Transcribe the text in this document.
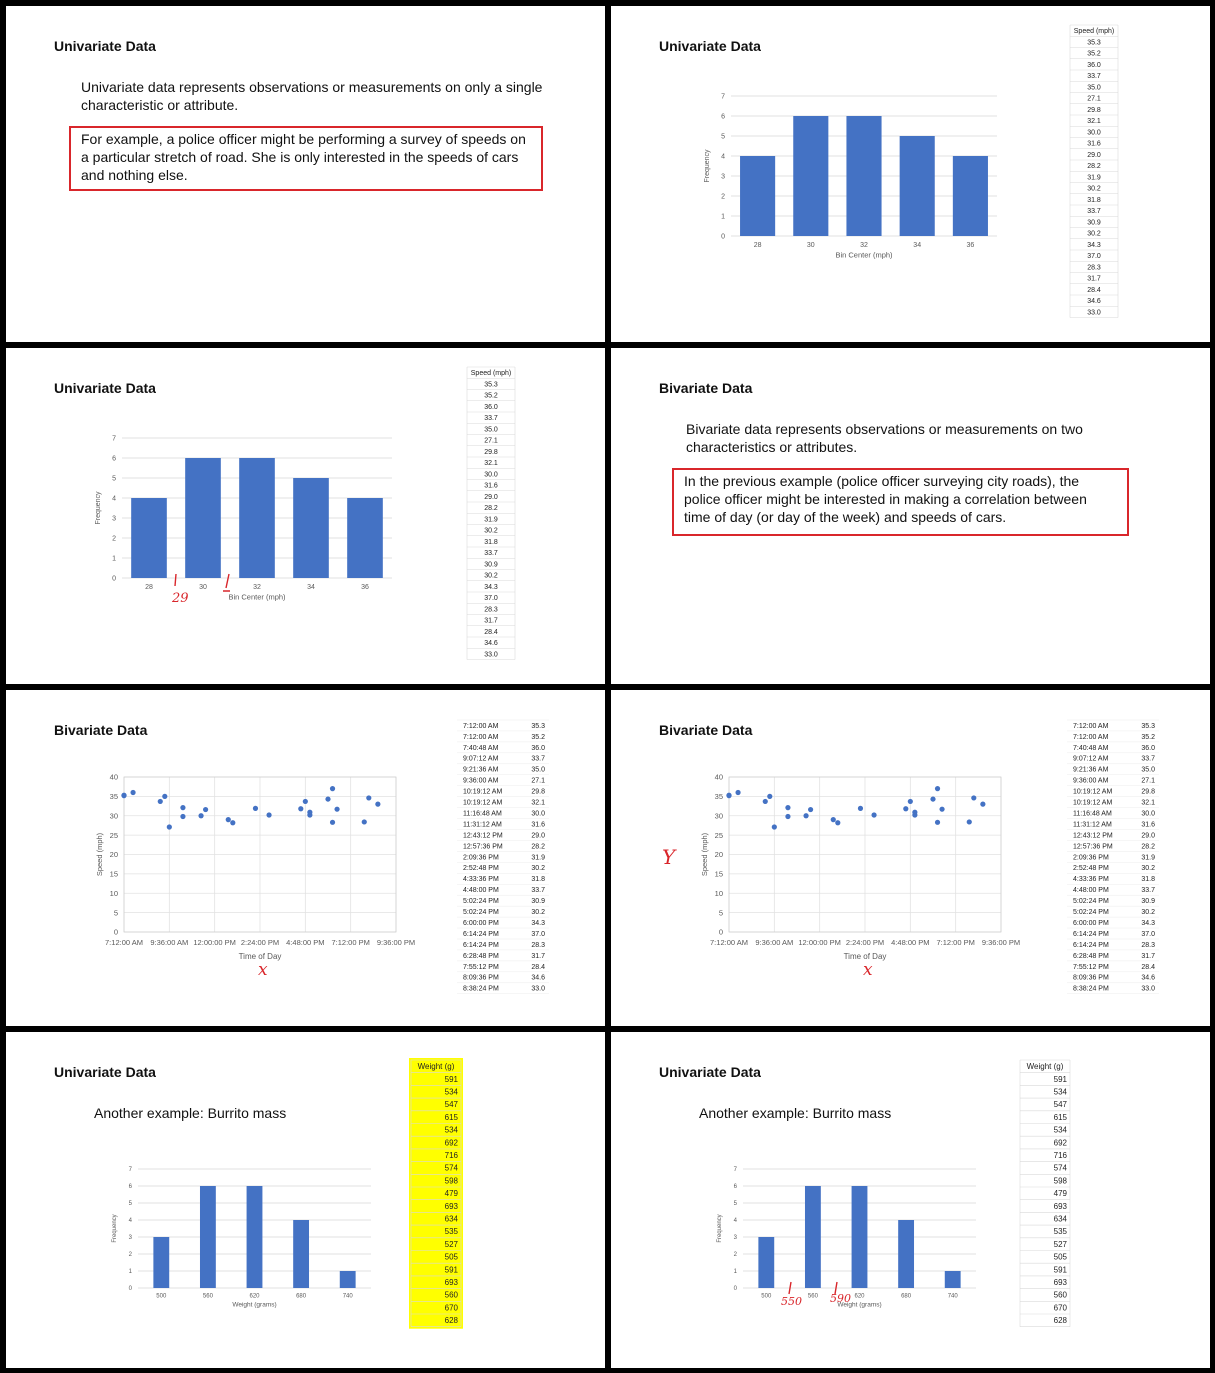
Univariate Data
Univariate data represents observations or measurements on only a single characteristic or attribute.
For example, a police officer might be performing a survey of speeds on a particular stretch of road. She is only interested in the speeds of cars and nothing else.
Univariate Data
0
1
2
3
4
5
6
7
Frequency
28	30	32	34	36
Bin Center (mph)
Speed (mph)
35.3
35.2
36.0
33.7
35.0
27.1
29.8
32.1
30.0
31.6
29.0
28.2
31.9
30.2
31.8
33.7
30.9
30.2
34.3
37.0
28.3
31.7
28.4
34.6
33.0
Univariate Data
0
1
2
3
4
5
6
7
Frequency
28	30	32	34	36
Bin Center (mph)
Speed (mph)
35.3
35.2
36.0
33.7
35.0
27.1
29.8
32.1
30.0
31.6
29.0
28.2
31.9
30.2
31.8
33.7
30.9
30.2
34.3
37.0
28.3
31.7
28.4
34.6
33.0
29
Bivariate Data
Bivariate data represents observations or measurements on two characteristics or attributes.
In the previous example (police officer surveying city roads), the police officer might be interested in making a correlation between time of day (or day of the week) and speeds of cars.
Bivariate Data
0
5
10
15
20
25
30
35
40
Speed (mph)
7:12:00 AM 9:36:00 AM 12:00:00 PM 2:24:00 PM 4:48:00 PM 7:12:00 PM 9:36:00 PM
Time of Day
7:12:00 AM	35.3
7:12:00 AM	35.2
7:40:48 AM	36.0
9:07:12 AM	33.7
9:21:36 AM	35.0
9:36:00 AM	27.1
10:19:12 AM	29.8
10:19:12 AM	32.1
11:16:48 AM	30.0
11:31:12 AM	31.6
12:43:12 PM	29.0
12:57:36 PM	28.2
2:09:36 PM	31.9
2:52:48 PM	30.2
4:33:36 PM	31.8
4:48:00 PM	33.7
5:02:24 PM	30.9
5:02:24 PM	30.2
6:00:00 PM	34.3
6:14:24 PM	37.0
6:14:24 PM	28.3
6:28:48 PM	31.7
7:55:12 PM	28.4
8:09:36 PM	34.6
8:38:24 PM	33.0
x
Bivariate Data
0
5
10
15
20
25
30
35
40
Speed (mph)
7:12:00 AM 9:36:00 AM 12:00:00 PM 2:24:00 PM 4:48:00 PM 7:12:00 PM 9:36:00 PM
Time of Day
7:12:00 AM	35.3
7:12:00 AM	35.2
7:40:48 AM	36.0
9:07:12 AM	33.7
9:21:36 AM	35.0
9:36:00 AM	27.1
10:19:12 AM	29.8
10:19:12 AM	32.1
11:16:48 AM	30.0
11:31:12 AM	31.6
12:43:12 PM	29.0
12:57:36 PM	28.2
2:09:36 PM	31.9
2:52:48 PM	30.2
4:33:36 PM	31.8
4:48:00 PM	33.7
5:02:24 PM	30.9
5:02:24 PM	30.2
6:00:00 PM	34.3
6:14:24 PM	37.0
6:14:24 PM	28.3
6:28:48 PM	31.7
7:55:12 PM	28.4
8:09:36 PM	34.6
8:38:24 PM	33.0
Y
x
Univariate Data
Another example: Burrito mass
0
1
2
3
4
5
6
7
Frequency
500	560	620	680	740
Weight (grams)
Weight (g)
591
534
547
615
534
692
716
574
598
479
693
634
535
527
505
591
693
560
670
628
Univariate Data
Another example: Burrito mass
0
1
2
3
4
5
6
7
Frequency
500	560	620	680	740
Weight (grams)
Weight (g)
591
534
547
615
534
692
716
574
598
479
693
634
535
527
505
591
693
560
670
628
550	590
